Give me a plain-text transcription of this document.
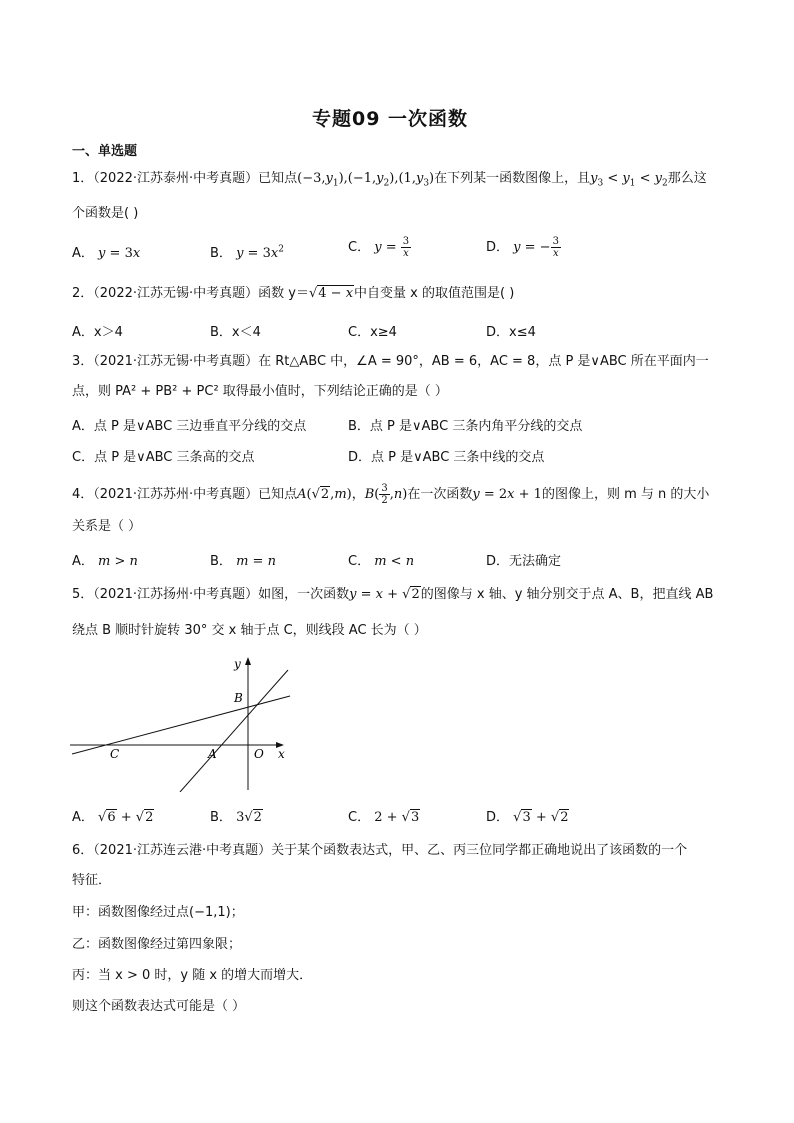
专题09 一次函数
一、单选题
1．（2022·江苏泰州·中考真题）已知点$(-3,y_1),(-1,y_2),(1,y_3)$在下列某一函数图像上，且$y_3 < y_1 < y_2$那么这
个函数是( )
A． y = 3x	B． $y = 3x^2$	C． $y = \frac{3}{x}$	D． y = − $\frac{3}{x}$
2．（2022·江苏无锡·中考真题）函数 y＝√4 − x中自变量 x 的取值范围是( )
A．x＞4	B．x＜4	C．x≥4	D．x≤4
3．（2021·江苏无锡·中考真题）在 Rt△ABC 中，∠A = 90°，AB = 6，AC = 8，点 P 是∨ABC 所在平面内一
点，则 PA² + PB² + PC² 取得最小值时，下列结论正确的是（ ）
A．点 P 是∨ABC 三边垂直平分线的交点	B．点 P 是∨ABC 三条内角平分线的交点
C．点 P 是∨ABC 三条高的交点	D．点 P 是∨ABC 三条中线的交点
4．（2021·江苏苏州·中考真题）已知点A(√2,m)，$B( \frac{3}{2} ,n)$在一次函数y = 2x + 1的图像上，则 m 与 n 的大小
关系是（ ）
A． m > n	B． m = n	C． m < n	D．无法确定
5．（2021·江苏扬州·中考真题）如图，一次函数y = x + √2的图像与 x 轴、y 轴分别交于点 A、B，把直线 AB
绕点 B 顺时针旋转 30° 交 x 轴于点 C，则线段 AC 长为（ ）
y
B
C	A	O x
A． √6 + √2	B． 3√2	C． 2 + √3	D． √3 + √2
6．（2021·江苏连云港·中考真题）关于某个函数表达式，甲、乙、丙三位同学都正确地说出了该函数的一个
特征．
甲：函数图像经过点(−1,1)；
乙：函数图像经过第四象限；
丙：当 x > 0 时，y 随 x 的增大而增大．
则这个函数表达式可能是（ ）
